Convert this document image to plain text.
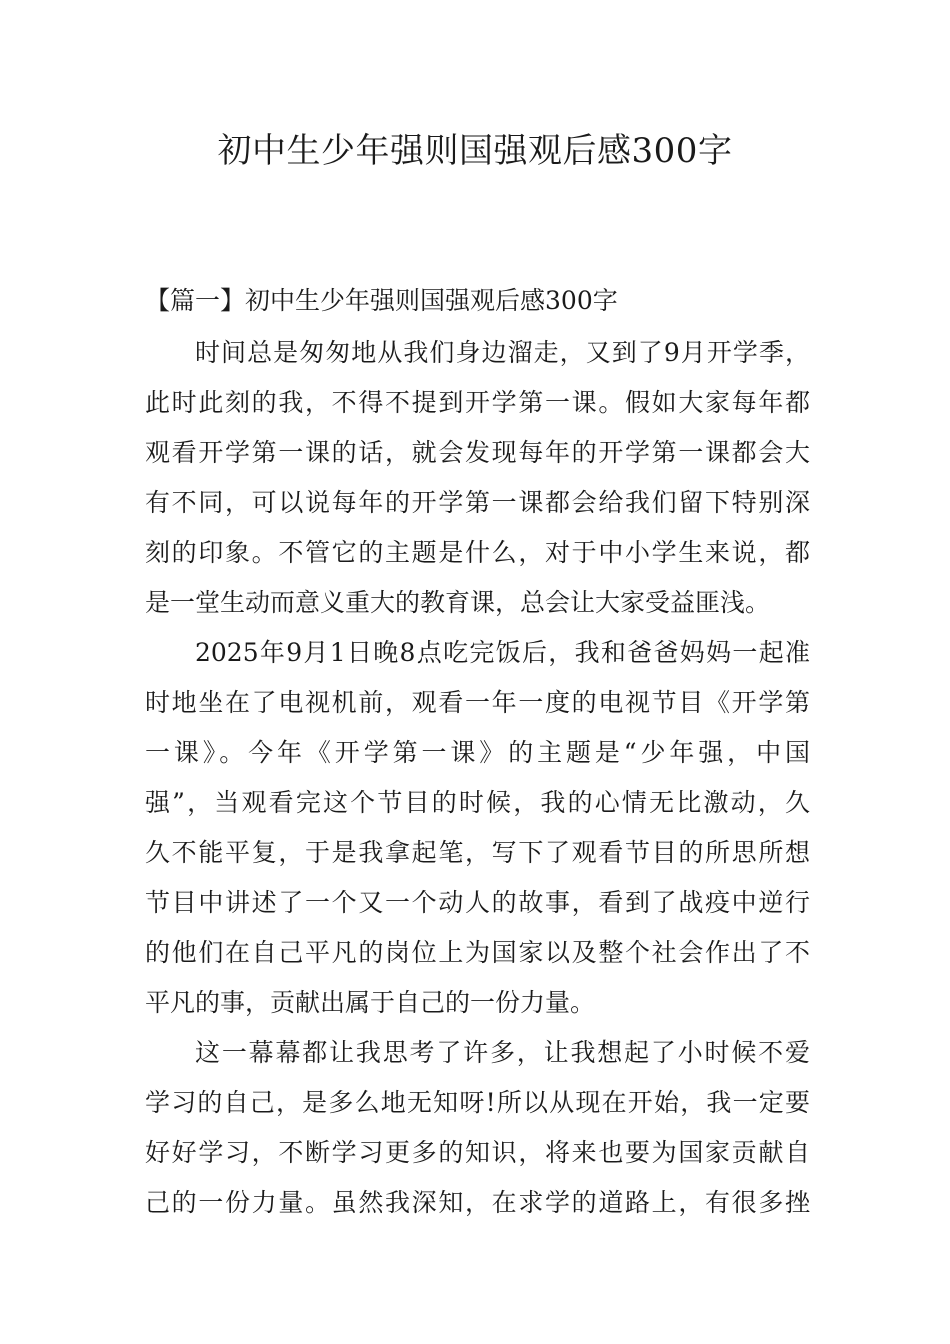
初中生少年强则国强观后感300字

【篇一】初中生少年强则国强观后感300字

时间总是匆匆地从我们身边溜走，又到了9月开学季，

此时此刻的我，不得不提到开学第一课。假如大家每年都

观看开学第一课的话，就会发现每年的开学第一课都会大

有不同，可以说每年的开学第一课都会给我们留下特别深

刻的印象。不管它的主题是什么，对于中小学生来说，都

是一堂生动而意义重大的教育课，总会让大家受益匪浅。

2025年9月1日晚8点吃完饭后，我和爸爸妈妈一起准

时地坐在了电视机前，观看一年一度的电视节目《开学第

一课》。今年《开学第一课》的主题是“少年强，中国

强”，当观看完这个节目的时候，我的心情无比激动，久

久不能平复，于是我拿起笔，写下了观看节目的所思所想

节目中讲述了一个又一个动人的故事，看到了战疫中逆行

的他们在自己平凡的岗位上为国家以及整个社会作出了不

平凡的事，贡献出属于自己的一份力量。

这一幕幕都让我思考了许多，让我想起了小时候不爱

学习的自己，是多么地无知呀!所以从现在开始，我一定要

好好学习，不断学习更多的知识，将来也要为国家贡献自

己的一份力量。虽然我深知，在求学的道路上，有很多挫
